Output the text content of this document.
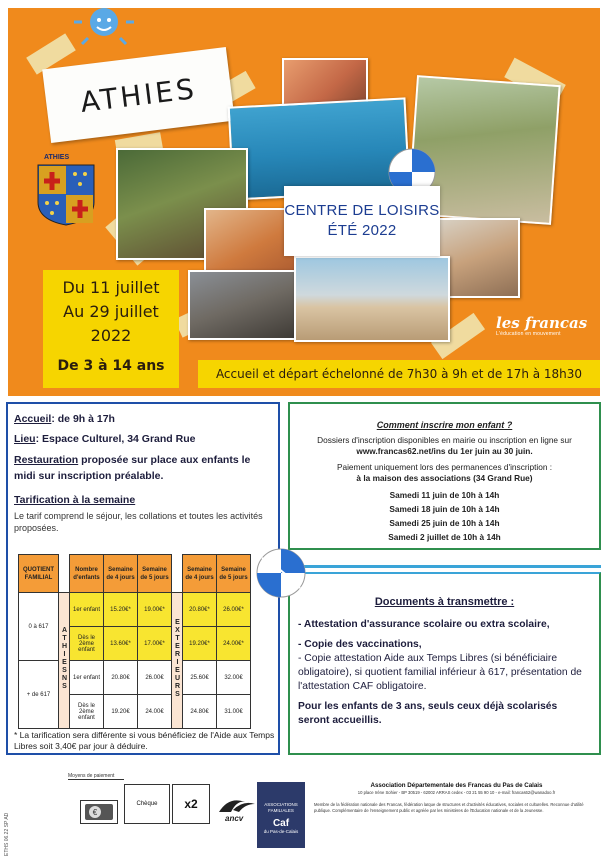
ATHIES
ATHIES
CENTRE DE LOISIRS
ÉTÉ 2022
Du 11 juillet
Au 29 juillet
2022
De 3 à 14 ans	Accueil et départ échelonné de 7h30 à 9h et de 17h à 18h30
les francas
L'éducation en mouvement
Accueil: de 9h à 17h
Lieu: Espace Culturel, 34 Grand Rue
Restauration proposée sur place aux enfants le midi sur inscription préalable.
Tarification à la semaine
Le tarif comprend le séjour, les collations et toutes les activités proposées.
QUOTIENT FAMILIAL		Nombre d'enfants	Semaine de 4 jours	Semaine de 5 jours		Semaine de 4 jours	Semaine de 5 jours
0 à 617	ATHIESNS	1er enfant	15.20€*	19.00€*	EXTERIEURS	20.80€*	26.00€*
		Dès le 2ème enfant	13.60€*	17.00€*		19.20€*	24.00€*
+ de 617		1er enfant	20.80€	26.00€		25.60€	32.00€
		Dès le 2ème enfant	19.20€	24.00€		24.80€	31.00€
* La tarification sera différente si vous bénéficiez de l'Aide aux Temps Libres soit 3,40€ par jour à déduire.
Comment inscrire mon enfant ?
Dossiers d'inscription disponibles en mairie ou inscription en ligne sur
www.francas62.net/ins du 1er juin au 30 juin.
Paiement uniquement lors des permanences d'inscription :
à la maison des associations (34 Grand Rue)
Samedi 11 juin de 10h à 14h
Samedi 18 juin de 10h à 14h
Samedi 25 juin de 10h à 14h
Samedi 2 juillet de 10h à 14h
Documents à transmettre :
- Attestation d'assurance scolaire ou extra scolaire,
- Copie des vaccinations,
- Copie attestation Aide aux Temps Libres (si bénéficiaire obligatoire), si quotient familial inférieur à 617, présentation de l'attestation CAF obligatoire.
Pour les enfants de 3 ans, seuls ceux déjà scolarisés seront accueillis.
ETHS 06.22 SP AD
Moyens de paiement
€
Chèque x2
ancv
ASSOCIATIONS FAMILIALES
Caf
du Pas-de-Calais
Association Départementale des Francas du Pas de Calais
10 place Irène Sohier - BP 30519 - 62002 ARRAS cedex - 03 21 55 90 10 - e-mail: francas62@wanadoo.fr
Membre de la fédération nationale des Francas, fédération laïque de structures et d'activités éducatives, sociales et culturelles. Reconnue d'utilité publique. Complémentaire de l'enseignement public et agréée par les ministères de l'Education nationale et de la Jeunesse.
